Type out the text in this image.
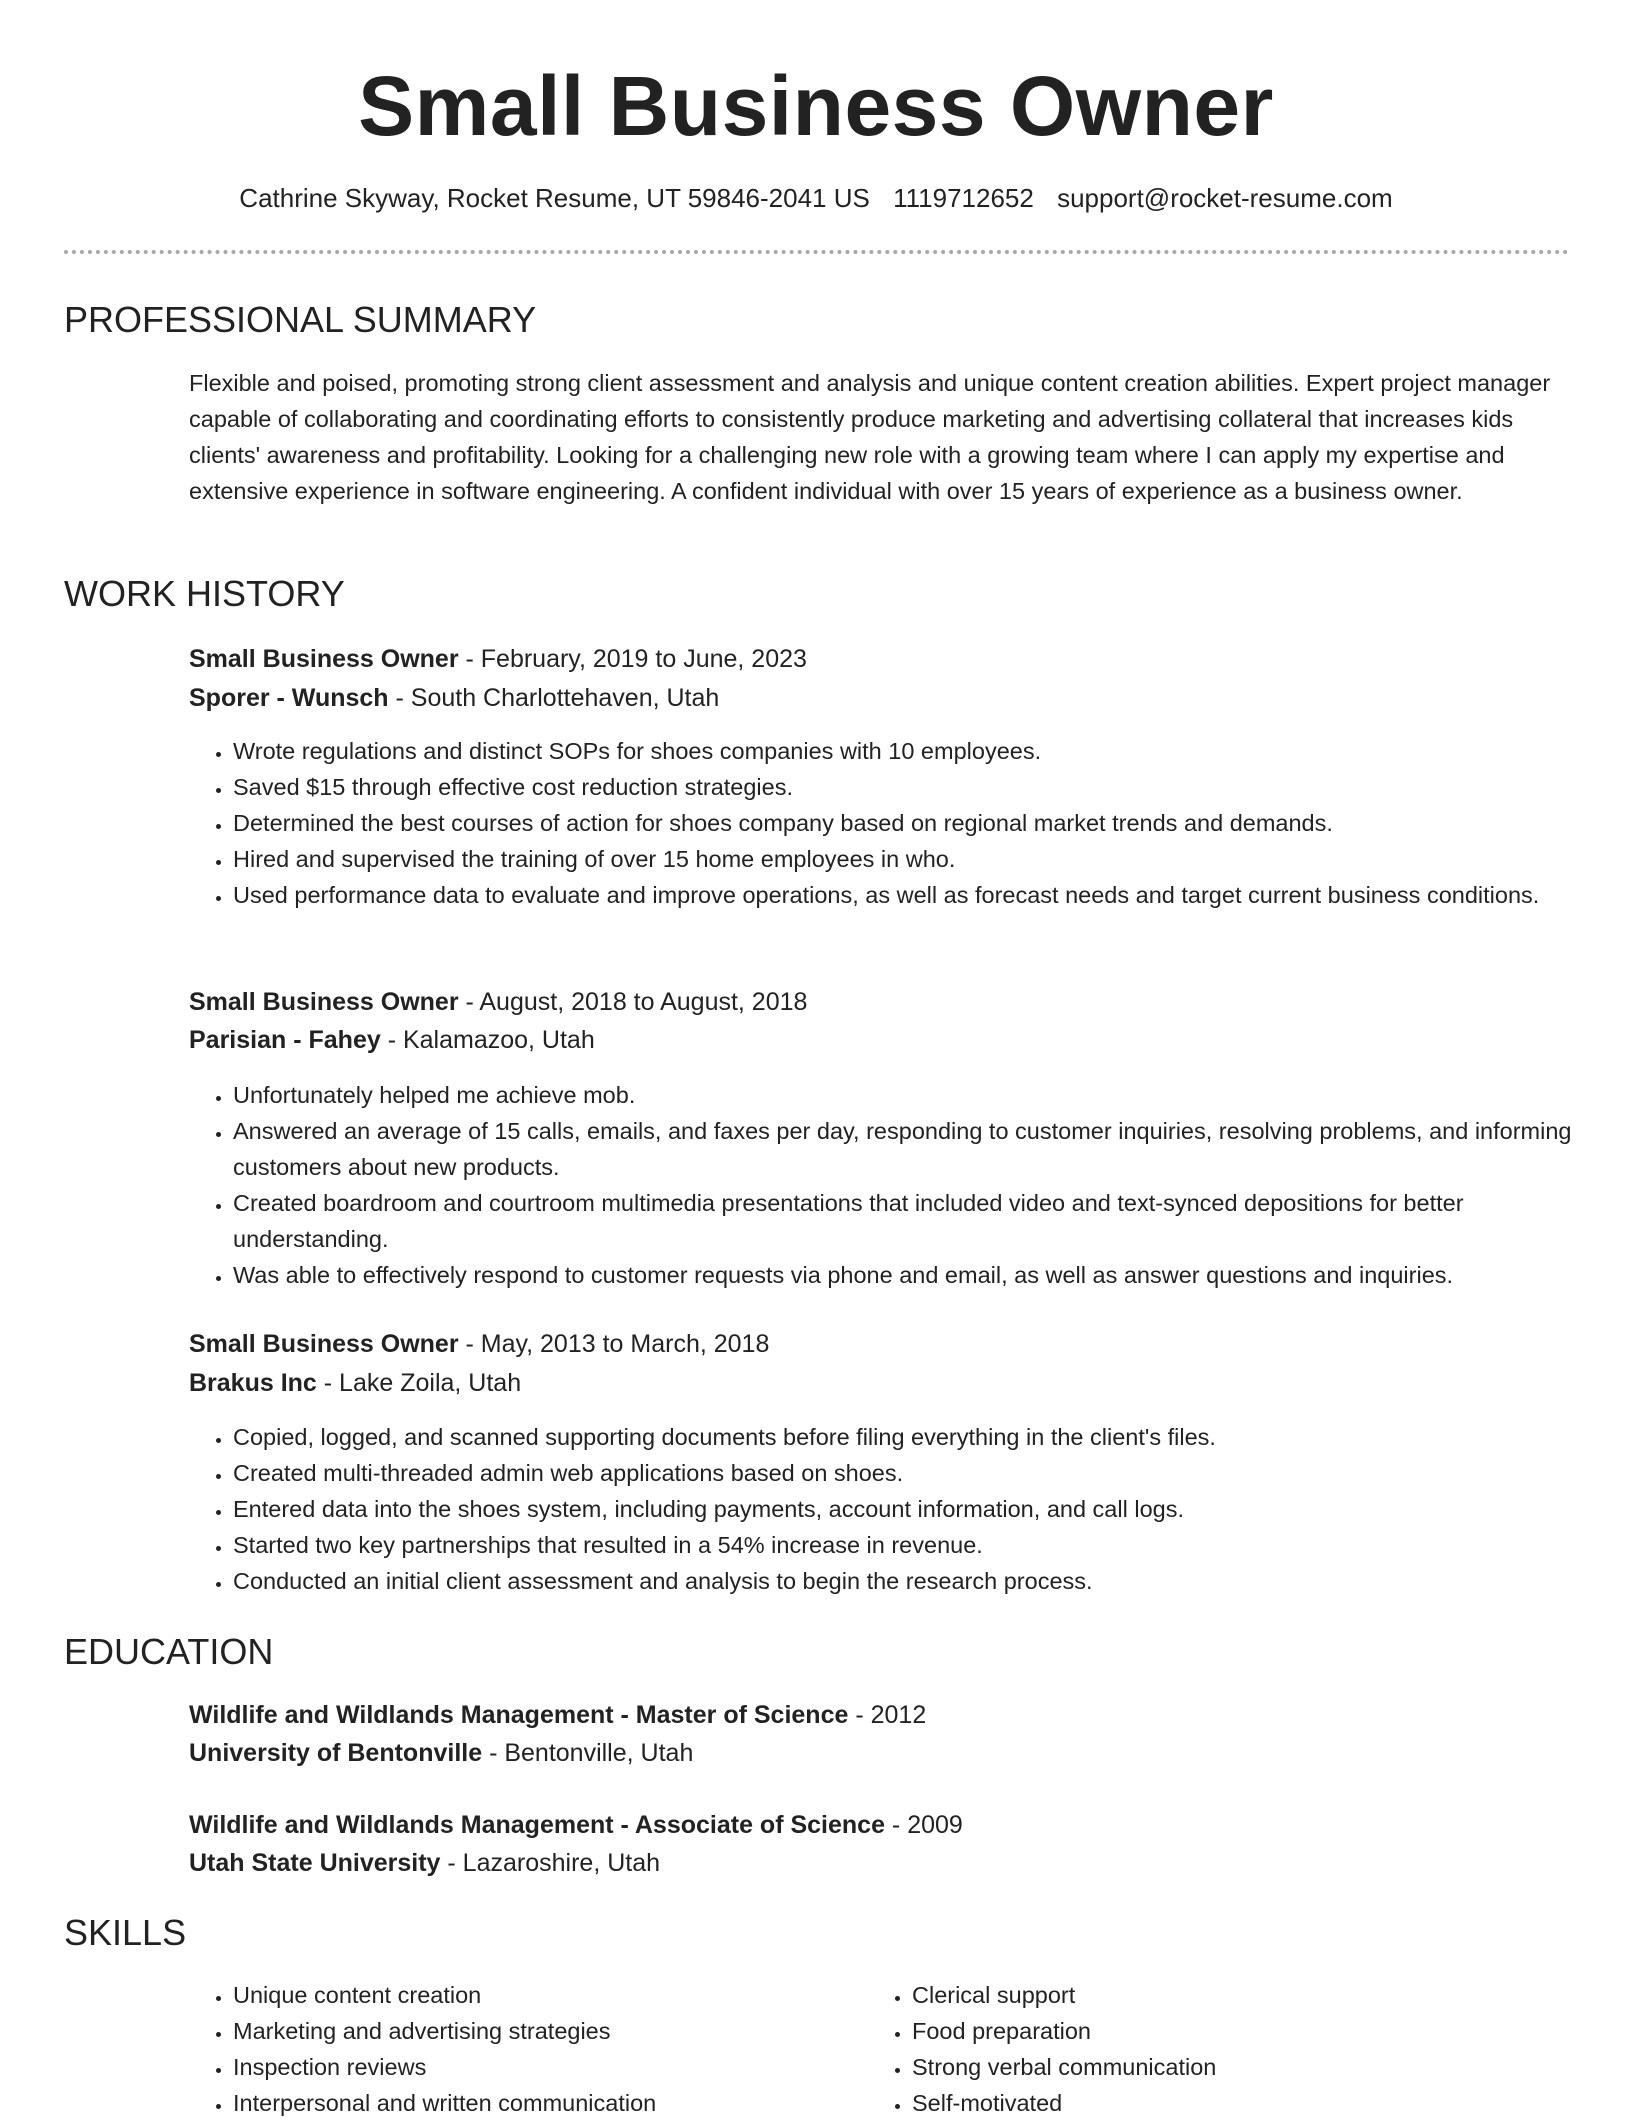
Small Business Owner
Cathrine Skyway, Rocket Resume, UT 59846-2041 US 1119712652 support@rocket-resume.com
PROFESSIONAL SUMMARY

Flexible and poised, promoting strong client assessment and analysis and unique content creation abilities. Expert project manager capable of collaborating and coordinating efforts to consistently produce marketing and advertising collateral that increases kids clients' awareness and profitability. Looking for a challenging new role with a growing team where I can apply my expertise and extensive experience in software engineering. A confident individual with over 15 years of experience as a business owner.

WORK HISTORY
Small Business Owner - February, 2019 to June, 2023
Sporer - Wunsch - South Charlottehaven, Utah
• Wrote regulations and distinct SOPs for shoes companies with 10 employees.
• Saved $15 through effective cost reduction strategies.
• Determined the best courses of action for shoes company based on regional market trends and demands.
• Hired and supervised the training of over 15 home employees in who.
• Used performance data to evaluate and improve operations, as well as forecast needs and target current business conditions.
Small Business Owner - August, 2018 to August, 2018
Parisian - Fahey - Kalamazoo, Utah
• Unfortunately helped me achieve mob.
• Answered an average of 15 calls, emails, and faxes per day, responding to customer inquiries, resolving problems, and informing customers about new products.
• Created boardroom and courtroom multimedia presentations that included video and text-synced depositions for better understanding.
• Was able to effectively respond to customer requests via phone and email, as well as answer questions and inquiries.
Small Business Owner - May, 2013 to March, 2018
Brakus Inc - Lake Zoila, Utah
• Copied, logged, and scanned supporting documents before filing everything in the client's files.
• Created multi-threaded admin web applications based on shoes.
• Entered data into the shoes system, including payments, account information, and call logs.
• Started two key partnerships that resulted in a 54% increase in revenue.
• Conducted an initial client assessment and analysis to begin the research process.
EDUCATION
Wildlife and Wildlands Management - Master of Science - 2012
University of Bentonville - Bentonville, Utah
Wildlife and Wildlands Management - Associate of Science - 2009
Utah State University - Lazaroshire, Utah
SKILLS
• Unique content creation
• Marketing and advertising strategies
• Inspection reviews
• Interpersonal and written communication
• Clerical support
• Food preparation
• Strong verbal communication
• Self-motivated
